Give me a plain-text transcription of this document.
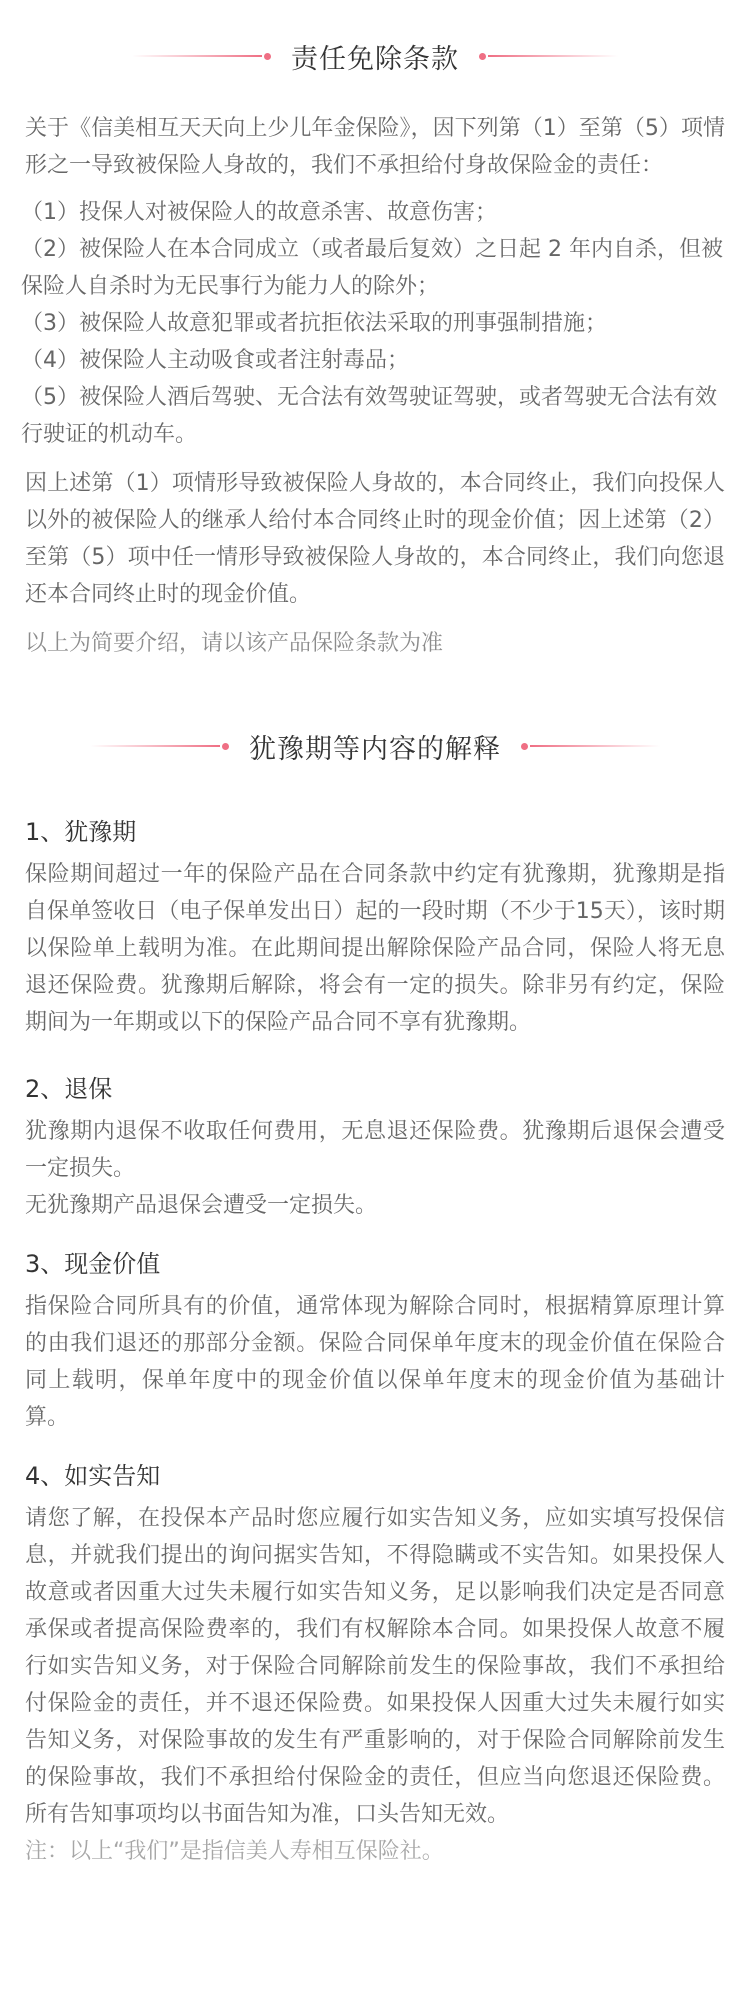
责任免除条款

关于《信美相互天天向上少儿年金保险》，因下列第（1）至第（5）项情形之一导致被保险人身故的，我们不承担给付身故保险金的责任：

（1）投保人对被保险人的故意杀害、故意伤害；

（2）被保险人在本合同成立（或者最后复效）之日起 2 年内自杀，但被保险人自杀时为无民事行为能力人的除外；

（3）被保险人故意犯罪或者抗拒依法采取的刑事强制措施；

（4）被保险人主动吸食或者注射毒品；

（5）被保险人酒后驾驶、无合法有效驾驶证驾驶，或者驾驶无合法有效行驶证的机动车。

因上述第（1）项情形导致被保险人身故的，本合同终止，我们向投保人以外的被保险人的继承人给付本合同终止时的现金价值；因上述第（2）至第（5）项中任一情形导致被保险人身故的，本合同终止，我们向您退还本合同终止时的现金价值。

以上为简要介绍，请以该产品保险条款为准

犹豫期等内容的解释

1、犹豫期

保险期间超过一年的保险产品在合同条款中约定有犹豫期，犹豫期是指自保单签收日（电子保单发出日）起的一段时期（不少于15天），该时期以保险单上载明为准。在此期间提出解除保险产品合同，保险人将无息退还保险费。犹豫期后解除，将会有一定的损失。除非另有约定，保险期间为一年期或以下的保险产品合同不享有犹豫期。

2、退保

犹豫期内退保不收取任何费用，无息退还保险费。犹豫期后退保会遭受一定损失。

无犹豫期产品退保会遭受一定损失。

3、现金价值

指保险合同所具有的价值，通常体现为解除合同时，根据精算原理计算的由我们退还的那部分金额。保险合同保单年度末的现金价值在保险合同上载明，保单年度中的现金价值以保单年度末的现金价值为基础计算。

4、如实告知

请您了解，在投保本产品时您应履行如实告知义务，应如实填写投保信息，并就我们提出的询问据实告知，不得隐瞒或不实告知。如果投保人故意或者因重大过失未履行如实告知义务，足以影响我们决定是否同意承保或者提高保险费率的，我们有权解除本合同。如果投保人故意不履行如实告知义务，对于保险合同解除前发生的保险事故，我们不承担给付保险金的责任，并不退还保险费。如果投保人因重大过失未履行如实告知义务，对保险事故的发生有严重影响的，对于保险合同解除前发生的保险事故，我们不承担给付保险金的责任，但应当向您退还保险费。所有告知事项均以书面告知为准，口头告知无效。

注：以上“我们”是指信美人寿相互保险社。
